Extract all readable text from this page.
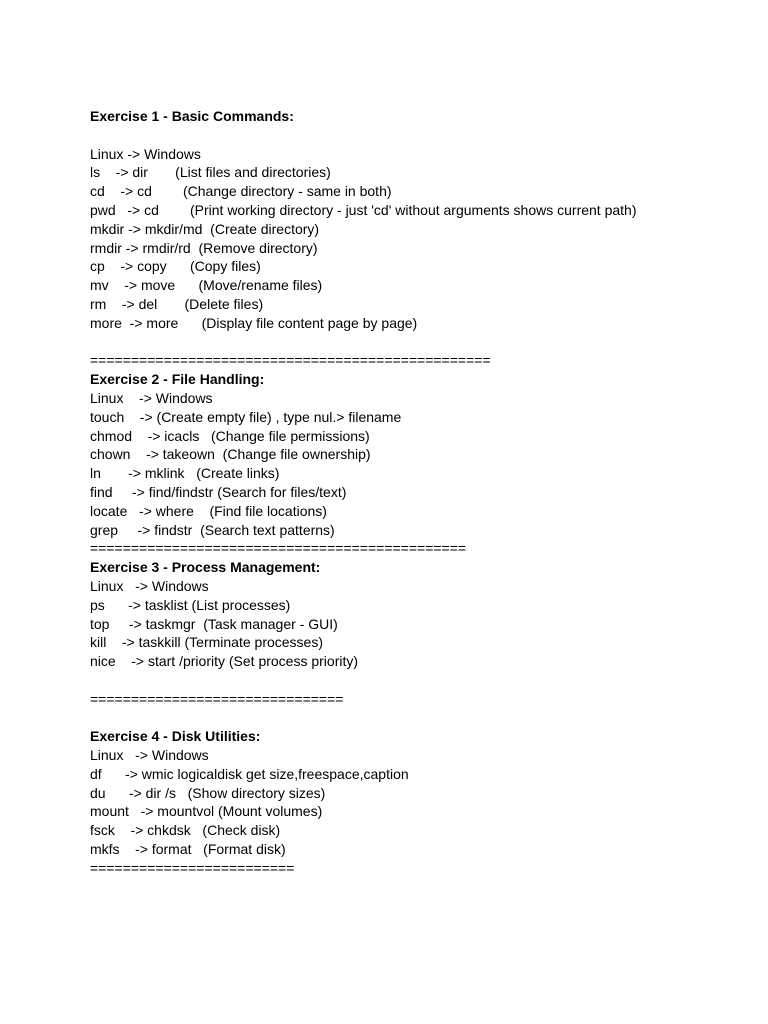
Exercise 1 - Basic Commands:
Linux -> Windows
ls    -> dir       (List files and directories)
cd    -> cd        (Change directory - same in both)
pwd   -> cd        (Print working directory - just 'cd' without arguments shows current path)
mkdir -> mkdir/md  (Create directory)
rmdir -> rmdir/rd  (Remove directory)
cp    -> copy      (Copy files)
mv    -> move      (Move/rename files)
rm    -> del       (Delete files)
more  -> more      (Display file content page by page)
=================================================
Exercise 2 - File Handling:
Linux    -> Windows
touch    -> (Create empty file) , type nul.> filename
chmod    -> icacls   (Change file permissions)
chown    -> takeown  (Change file ownership)
ln       -> mklink   (Create links)
find     -> find/findstr (Search for files/text)
locate   -> where    (Find file locations)
grep     -> findstr  (Search text patterns)
==============================================
Exercise 3 - Process Management:
Linux   -> Windows
ps      -> tasklist (List processes)
top     -> taskmgr  (Task manager - GUI)
kill    -> taskkill (Terminate processes)
nice    -> start /priority (Set process priority)
===============================
Exercise 4 - Disk Utilities:
Linux   -> Windows
df      -> wmic logicaldisk get size,freespace,caption
du      -> dir /s   (Show directory sizes)
mount   -> mountvol (Mount volumes)
fsck    -> chkdsk   (Check disk)
mkfs    -> format   (Format disk)
=========================
